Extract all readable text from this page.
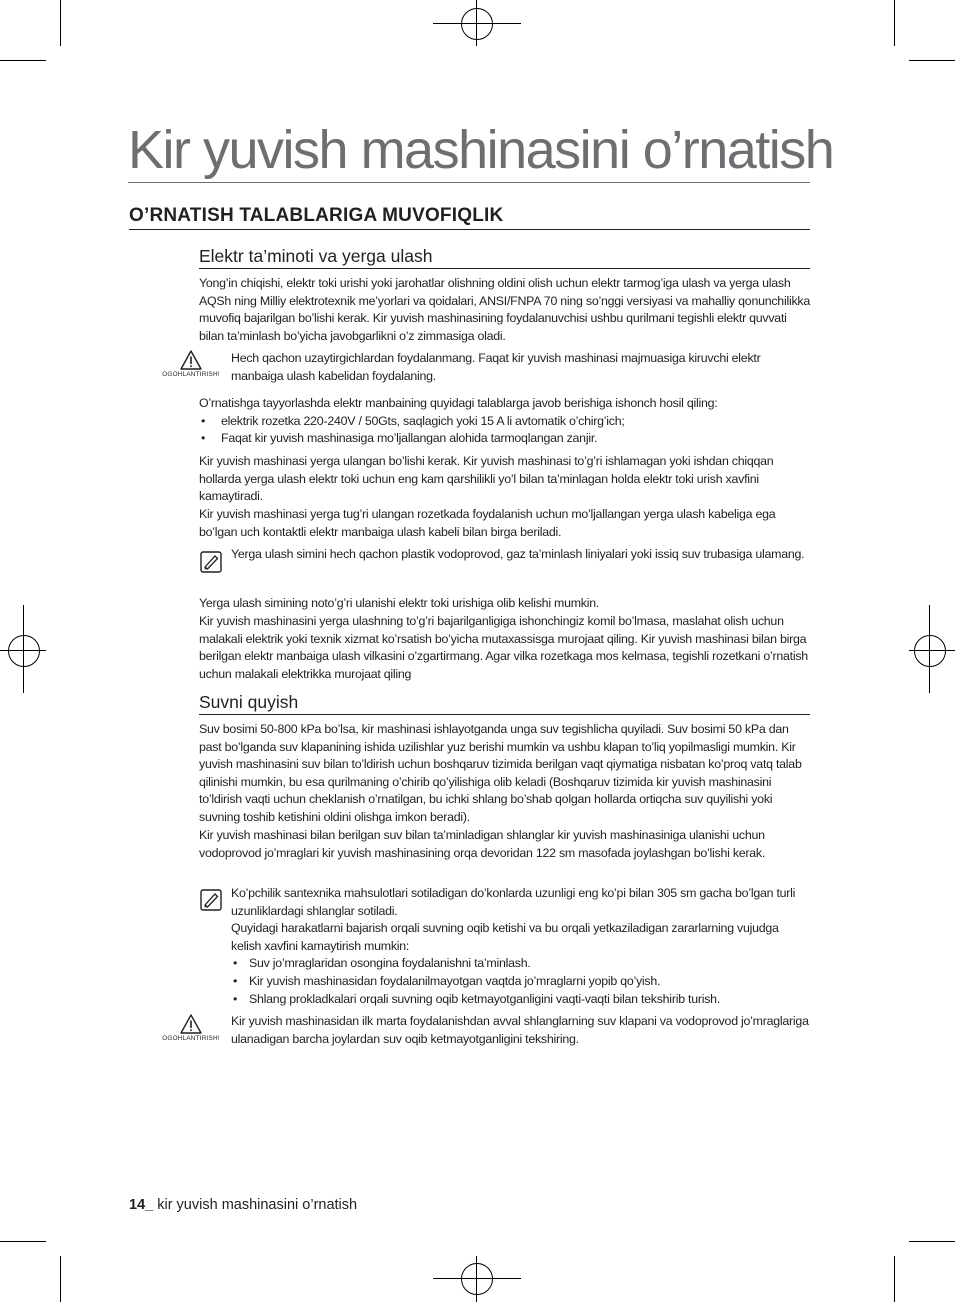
Kir yuvish mashinasini o’rnatish
O’RNATISH TALABLARIGA MUVOFIQLIK
Elektr ta’minoti va yerga ulash

Yong’in chiqishi, elektr toki urishi yoki jarohatlar olishning oldini olish uchun elektr tarmog’iga ulash va yerga ulash AQSh ning Milliy elektrotexnik me’yorlari va qoidalari, ANSI/FNPA 70 ning so’nggi versiyasi va mahalliy qonunchilikka muvofiq bajarilgan bo’lishi kerak. Kir yuvish mashinasining foydalanuvchisi ushbu qurilmani tegishli elektr quvvati bilan ta’minlash bo’yicha javobgarlikni o’z zimmasiga oladi.

OGOHLANTIRISH!

Hech qachon uzaytirgichlardan foydalanmang. Faqat kir yuvish mashinasi majmuasiga kiruvchi elektr manbaiga ulash kabelidan foydalaning.

O’rnatishga tayyorlashda elektr manbaining quyidagi talablarga javob berishiga ishonch hosil qiling:
• elektrik rozetka 220-240V / 50Gts, saqlagich yoki 15 A li avtomatik o’chirg’ich;
• Faqat kir yuvish mashinasiga mo’ljallangan alohida tarmoqlangan zanjir.

Kir yuvish mashinasi yerga ulangan bo’lishi kerak. Kir yuvish mashinasi to’g’ri ishlamagan yoki ishdan chiqqan hollarda yerga ulash elektr toki uchun eng kam qarshilikli yo’l bilan ta’minlagan holda elektr toki urish xavfini kamaytiradi.

Kir yuvish mashinasi yerga tug’ri ulangan rozetkada foydalanish uchun mo’ljallangan yerga ulash kabeliga ega bo’lgan uch kontaktli elektr manbaiga ulash kabeli bilan birga beriladi.

Yerga ulash simini hech qachon plastik vodoprovod, gaz ta’minlash liniyalari yoki issiq suv trubasiga ulamang.

Yerga ulash simining noto’g’ri ulanishi elektr toki urishiga olib kelishi mumkin.

Kir yuvish mashinasini yerga ulashning to’g’ri bajarilganligiga ishonchingiz komil bo’lmasa, maslahat olish uchun malakali elektrik yoki texnik xizmat ko’rsatish bo’yicha mutaxassisga murojaat qiling. Kir yuvish mashinasi bilan birga berilgan elektr manbaiga ulash vilkasini o’zgartirmang. Agar vilka rozetkaga mos kelmasa, tegishli rozetkani o’rnatish uchun malakali elektrikka murojaat qiling

Suvni quyish

Suv bosimi 50-800 kPa bo’lsa, kir mashinasi ishlayotganda unga suv tegishlicha quyiladi. Suv bosimi 50 kPa dan past bo’lganda suv klapanining ishida uzilishlar yuz berishi mumkin va ushbu klapan to’liq yopilmasligi mumkin. Kir yuvish mashinasini suv bilan to’ldirish uchun boshqaruv tizimida berilgan vaqt qiymatiga nisbatan ko’proq vatq talab qilinishi mumkin, bu esa qurilmaning o’chirib qo’yilishiga olib keladi (Boshqaruv tizimida kir yuvish mashinasini to’ldirish vaqti uchun cheklanish o’rnatilgan, bu ichki shlang bo’shab qolgan hollarda ortiqcha suv quyilishi yoki suvning toshib ketishini oldini olishga imkon beradi).

Kir yuvish mashinasi bilan berilgan suv bilan ta’minladigan shlanglar kir yuvish mashinasiniga ulanishi uchun vodoprovod jo’mraglari kir yuvish mashinasining orqa devoridan 122 sm masofada joylashgan bo’lishi kerak.

Ko’pchilik santexnika mahsulotlari sotiladigan do’konlarda uzunligi eng ko’pi bilan 305 sm gacha bo’lgan turli uzunliklardagi shlanglar sotiladi.
Quyidagi harakatlarni bajarish orqali suvning oqib ketishi va bu orqali yetkaziladigan zararlarning vujudga kelish xavfini kamaytirish mumkin:
• Suv jo’mraglaridan osongina foydalanishni ta’minlash.
• Kir yuvish mashinasidan foydalanilmayotgan vaqtda jo’mraglarni yopib qo’yish.
• Shlang prokladkalari orqali suvning oqib ketmayotganligini vaqti-vaqti bilan tekshirib turish.
OGOHLANTIRISH!

Kir yuvish mashinasidan ilk marta foydalanishdan avval shlanglarning suv klapani va vodoprovod jo’mraglariga ulanadigan barcha joylardan suv oqib ketmayotganligini tekshiring.

14_ kir yuvish mashinasini o’rnatish
